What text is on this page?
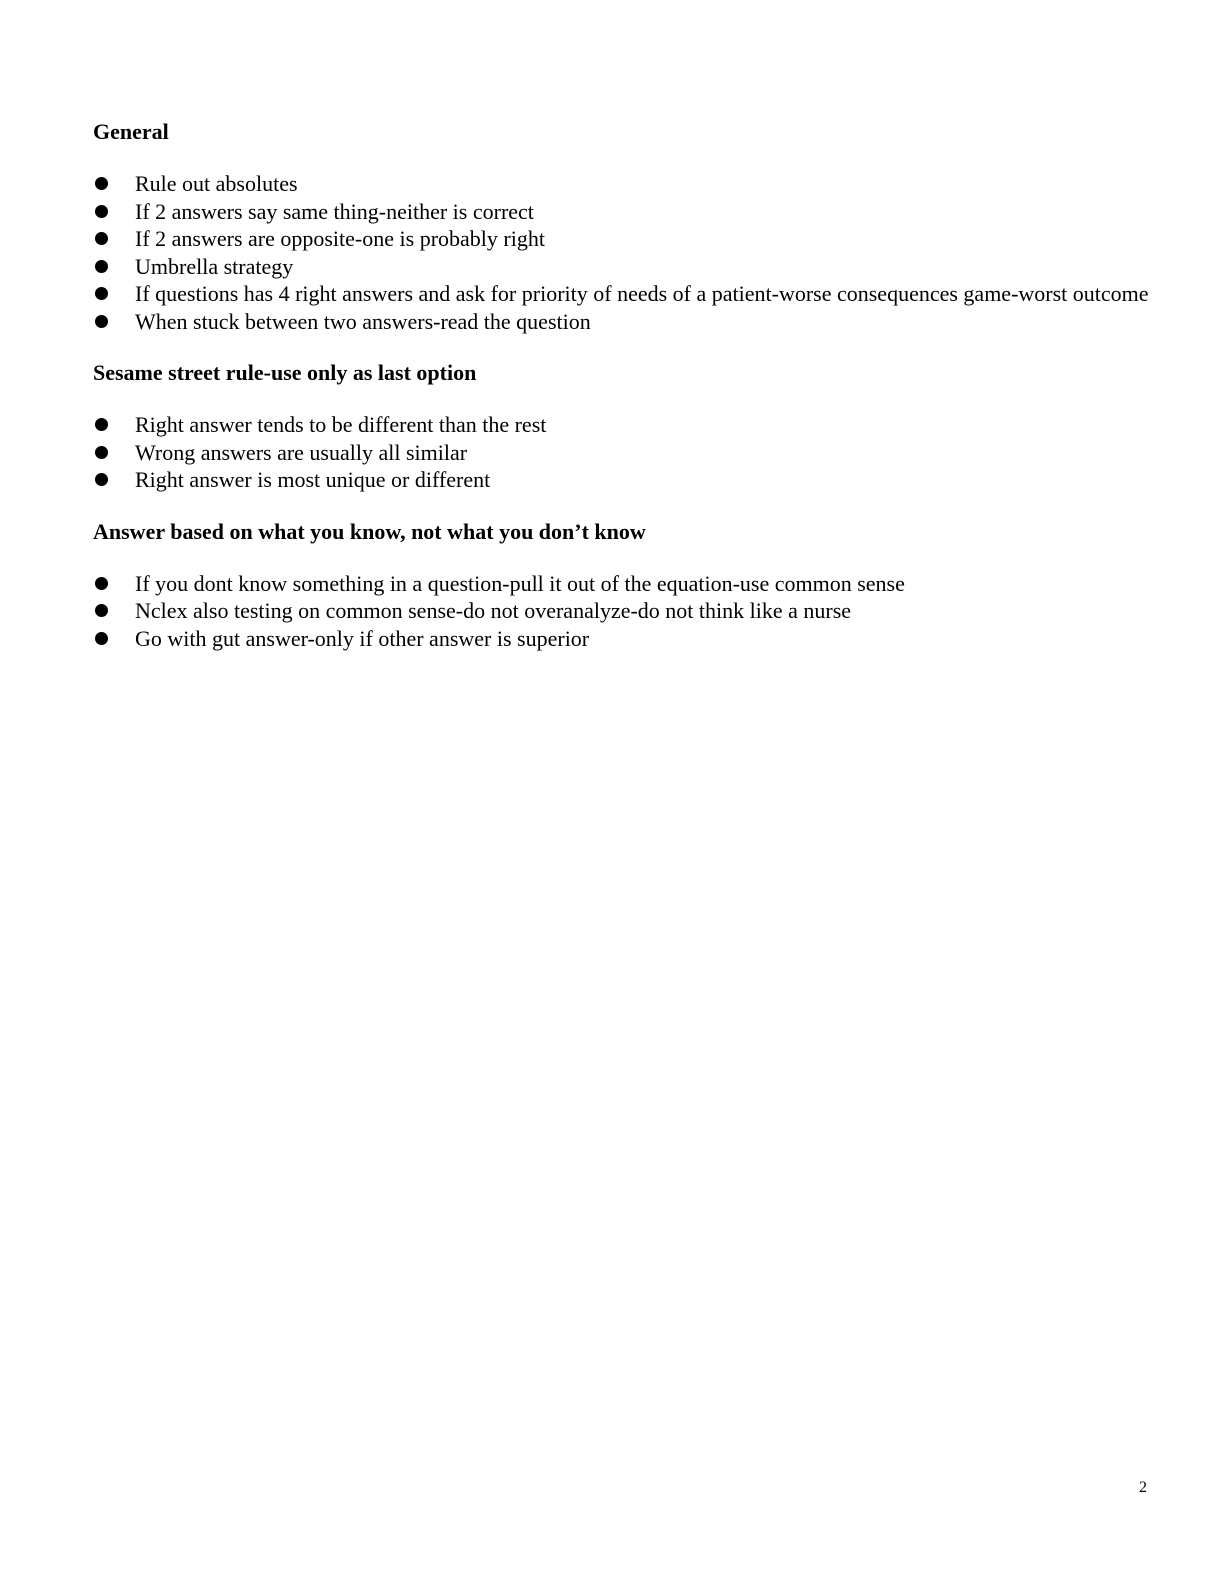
General
Rule out absolutes
If 2 answers say same thing-neither is correct
If 2 answers are opposite-one is probably right
Umbrella strategy
If questions has 4 right answers and ask for priority of needs of a patient-worse consequences game-worst outcome
When stuck between two answers-read the question
Sesame street rule-use only as last option
Right answer tends to be different than the rest
Wrong answers are usually all similar
Right answer is most unique or different
Answer based on what you know, not what you don’t know
If you dont know something in a question-pull it out of the equation-use common sense
Nclex also testing on common sense-do not overanalyze-do not think like a nurse
Go with gut answer-only if other answer is superior
2
